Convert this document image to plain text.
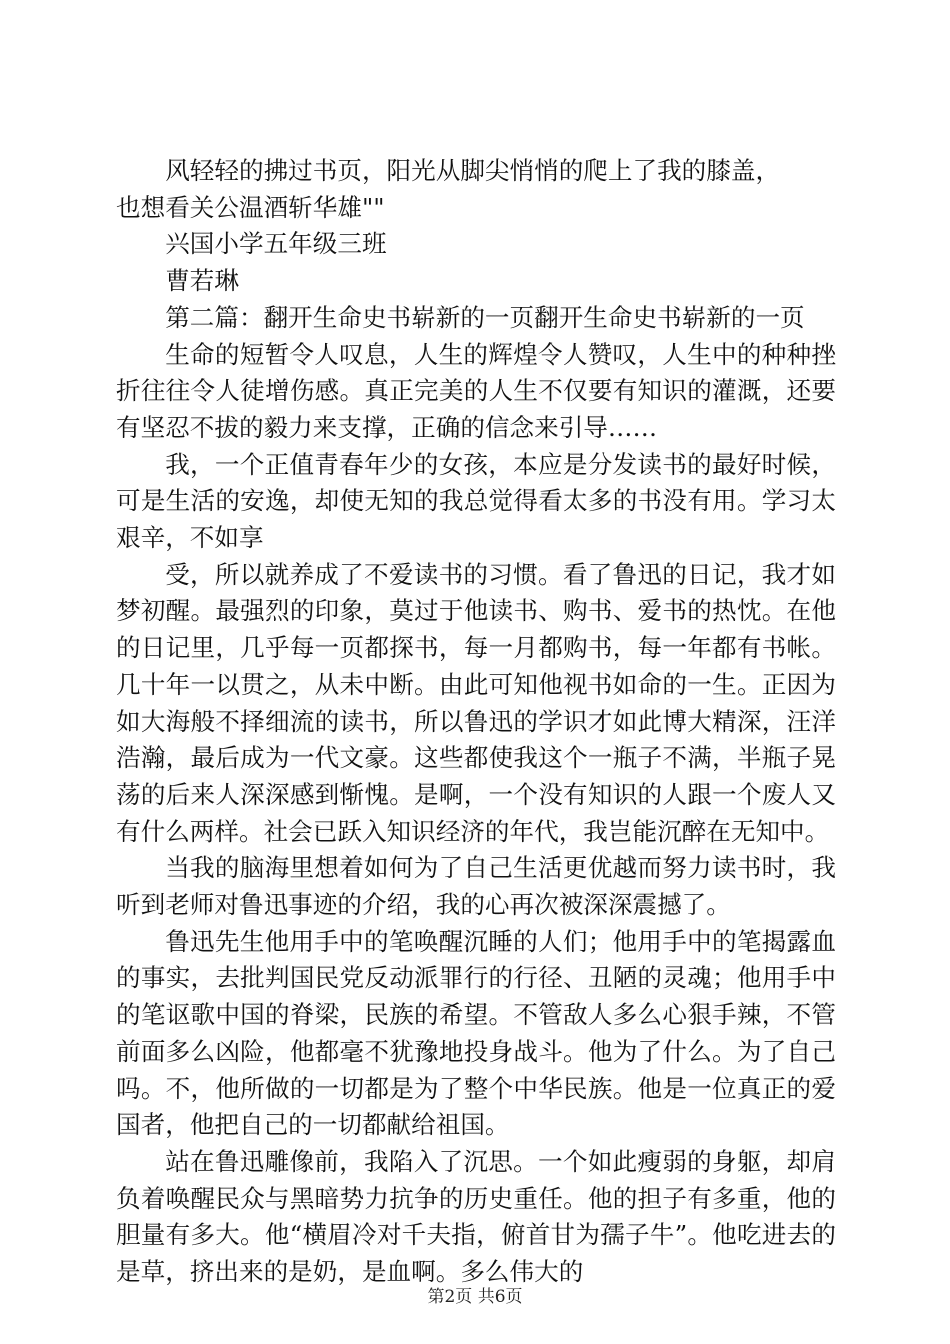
风轻轻的拂过书页，阳光从脚尖悄悄的爬上了我的膝盖，

也想看关公温酒斩华雄""

兴国小学五年级三班

曹若琳

第二篇：翻开生命史书崭新的一页翻开生命史书崭新的一页

生命的短暂令人叹息，人生的辉煌令人赞叹，人生中的种种挫折往往令人徒增伤感。真正完美的人生不仅要有知识的灌溉，还要有坚忍不拔的毅力来支撑，正确的信念来引导……

我，一个正值青春年少的女孩，本应是分发读书的最好时候，可是生活的安逸，却使无知的我总觉得看太多的书没有用。学习太艰辛，不如享

受，所以就养成了不爱读书的习惯。看了鲁迅的日记，我才如梦初醒。最强烈的印象，莫过于他读书、购书、爱书的热忱。在他的日记里，几乎每一页都探书，每一月都购书，每一年都有书帐。几十年一以贯之，从未中断。由此可知他视书如命的一生。正因为如大海般不择细流的读书，所以鲁迅的学识才如此博大精深，汪洋浩瀚，最后成为一代文豪。这些都使我这个一瓶子不满，半瓶子晃荡的后来人深深感到惭愧。是啊，一个没有知识的人跟一个废人又有什么两样。社会已跃入知识经济的年代，我岂能沉醉在无知中。

当我的脑海里想着如何为了自己生活更优越而努力读书时，我听到老师对鲁迅事迹的介绍，我的心再次被深深震撼了。

鲁迅先生他用手中的笔唤醒沉睡的人们；他用手中的笔揭露血的事实，去批判国民党反动派罪行的行径、丑陋的灵魂；他用手中的笔讴歌中国的脊梁，民族的希望。不管敌人多么心狠手辣，不管前面多么凶险，他都毫不犹豫地投身战斗。他为了什么。为了自己吗。不，他所做的一切都是为了整个中华民族。他是一位真正的爱国者，他把自己的一切都献给祖国。

站在鲁迅雕像前，我陷入了沉思。一个如此瘦弱的身躯，却肩负着唤醒民众与黑暗势力抗争的历史重任。他的担子有多重，他的胆量有多大。他“横眉冷对千夫指，俯首甘为孺子牛”。他吃进去的是草，挤出来的是奶，是血啊。多么伟大的

第2页 共6页
